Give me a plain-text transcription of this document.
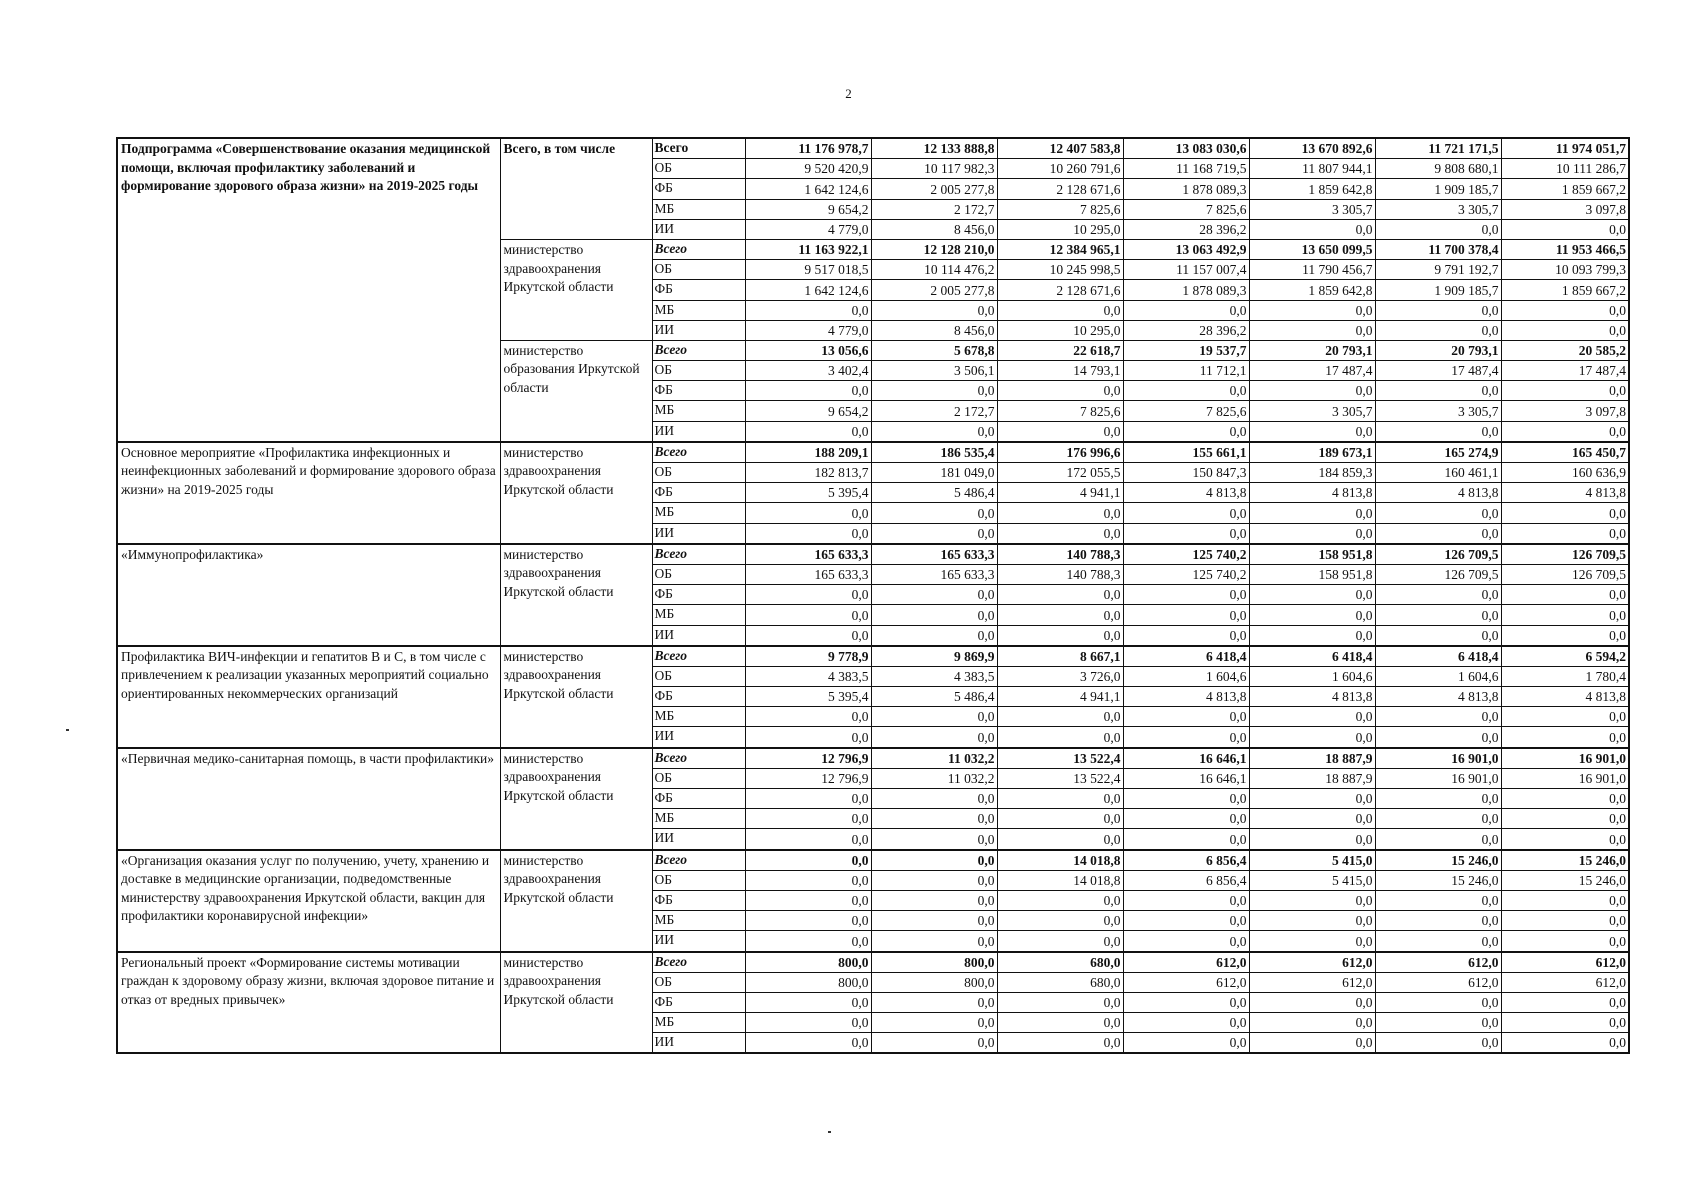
2
Подпрограмма «Совершенствование оказания медицинской помощи, включая профилактику заболеваний и формирование здорового образа жизни» на 2019-2025 годы	Всего, в том числе	Всего	11 176 978,7	12 133 888,8	12 407 583,8	13 083 030,6	13 670 892,6	11 721 171,5	11 974 051,7
		ОБ	9 520 420,9	10 117 982,3	10 260 791,6	11 168 719,5	11 807 944,1	9 808 680,1	10 111 286,7
		ФБ	1 642 124,6	2 005 277,8	2 128 671,6	1 878 089,3	1 859 642,8	1 909 185,7	1 859 667,2
		МБ	9 654,2	2 172,7	7 825,6	7 825,6	3 305,7	3 305,7	3 097,8
		ИИ	4 779,0	8 456,0	10 295,0	28 396,2	0,0	0,0	0,0
	министерство здравоохранения Иркутской области	Всего	11 163 922,1	12 128 210,0	12 384 965,1	13 063 492,9	13 650 099,5	11 700 378,4	11 953 466,5
		ОБ	9 517 018,5	10 114 476,2	10 245 998,5	11 157 007,4	11 790 456,7	9 791 192,7	10 093 799,3
		ФБ	1 642 124,6	2 005 277,8	2 128 671,6	1 878 089,3	1 859 642,8	1 909 185,7	1 859 667,2
		МБ	0,0	0,0	0,0	0,0	0,0	0,0	0,0
		ИИ	4 779,0	8 456,0	10 295,0	28 396,2	0,0	0,0	0,0
	министерство образования Иркутской области	Всего	13 056,6	5 678,8	22 618,7	19 537,7	20 793,1	20 793,1	20 585,2
		ОБ	3 402,4	3 506,1	14 793,1	11 712,1	17 487,4	17 487,4	17 487,4
		ФБ	0,0	0,0	0,0	0,0	0,0	0,0	0,0
		МБ	9 654,2	2 172,7	7 825,6	7 825,6	3 305,7	3 305,7	3 097,8
		ИИ	0,0	0,0	0,0	0,0	0,0	0,0	0,0
Основное мероприятие «Профилактика инфекционных и неинфекционных заболеваний и формирование здорового образа жизни» на 2019-2025 годы	министерство здравоохранения Иркутской области	Всего	188 209,1	186 535,4	176 996,6	155 661,1	189 673,1	165 274,9	165 450,7
		ОБ	182 813,7	181 049,0	172 055,5	150 847,3	184 859,3	160 461,1	160 636,9
		ФБ	5 395,4	5 486,4	4 941,1	4 813,8	4 813,8	4 813,8	4 813,8
		МБ	0,0	0,0	0,0	0,0	0,0	0,0	0,0
		ИИ	0,0	0,0	0,0	0,0	0,0	0,0	0,0
«Иммунопрофилактика»	министерство здравоохранения Иркутской области	Всего	165 633,3	165 633,3	140 788,3	125 740,2	158 951,8	126 709,5	126 709,5
		ОБ	165 633,3	165 633,3	140 788,3	125 740,2	158 951,8	126 709,5	126 709,5
		ФБ	0,0	0,0	0,0	0,0	0,0	0,0	0,0
		МБ	0,0	0,0	0,0	0,0	0,0	0,0	0,0
		ИИ	0,0	0,0	0,0	0,0	0,0	0,0	0,0
Профилактика ВИЧ-инфекции и гепатитов В и С, в том числе с привлечением к реализации указанных мероприятий социально ориентированных некоммерческих организаций	министерство здравоохранения Иркутской области	Всего	9 778,9	9 869,9	8 667,1	6 418,4	6 418,4	6 418,4	6 594,2
		ОБ	4 383,5	4 383,5	3 726,0	1 604,6	1 604,6	1 604,6	1 780,4
		ФБ	5 395,4	5 486,4	4 941,1	4 813,8	4 813,8	4 813,8	4 813,8
		МБ	0,0	0,0	0,0	0,0	0,0	0,0	0,0
		ИИ	0,0	0,0	0,0	0,0	0,0	0,0	0,0
«Первичная медико-санитарная помощь, в части профилактики»	министерство здравоохранения Иркутской области	Всего	12 796,9	11 032,2	13 522,4	16 646,1	18 887,9	16 901,0	16 901,0
		ОБ	12 796,9	11 032,2	13 522,4	16 646,1	18 887,9	16 901,0	16 901,0
		ФБ	0,0	0,0	0,0	0,0	0,0	0,0	0,0
		МБ	0,0	0,0	0,0	0,0	0,0	0,0	0,0
		ИИ	0,0	0,0	0,0	0,0	0,0	0,0	0,0
«Организация оказания услуг по получению, учету, хранению и доставке в медицинские организации, подведомственные министерству здравоохранения Иркутской области, вакцин для профилактики коронавирусной инфекции»	министерство здравоохранения Иркутской области	Всего	0,0	0,0	14 018,8	6 856,4	5 415,0	15 246,0	15 246,0
		ОБ	0,0	0,0	14 018,8	6 856,4	5 415,0	15 246,0	15 246,0
		ФБ	0,0	0,0	0,0	0,0	0,0	0,0	0,0
		МБ	0,0	0,0	0,0	0,0	0,0	0,0	0,0
		ИИ	0,0	0,0	0,0	0,0	0,0	0,0	0,0
Региональный проект «Формирование системы мотивации граждан к здоровому образу жизни, включая здоровое питание и отказ от вредных привычек»	министерство здравоохранения Иркутской области	Всего	800,0	800,0	680,0	612,0	612,0	612,0	612,0
		ОБ	800,0	800,0	680,0	612,0	612,0	612,0	612,0
		ФБ	0,0	0,0	0,0	0,0	0,0	0,0	0,0
		МБ	0,0	0,0	0,0	0,0	0,0	0,0	0,0
		ИИ	0,0	0,0	0,0	0,0	0,0	0,0	0,0
